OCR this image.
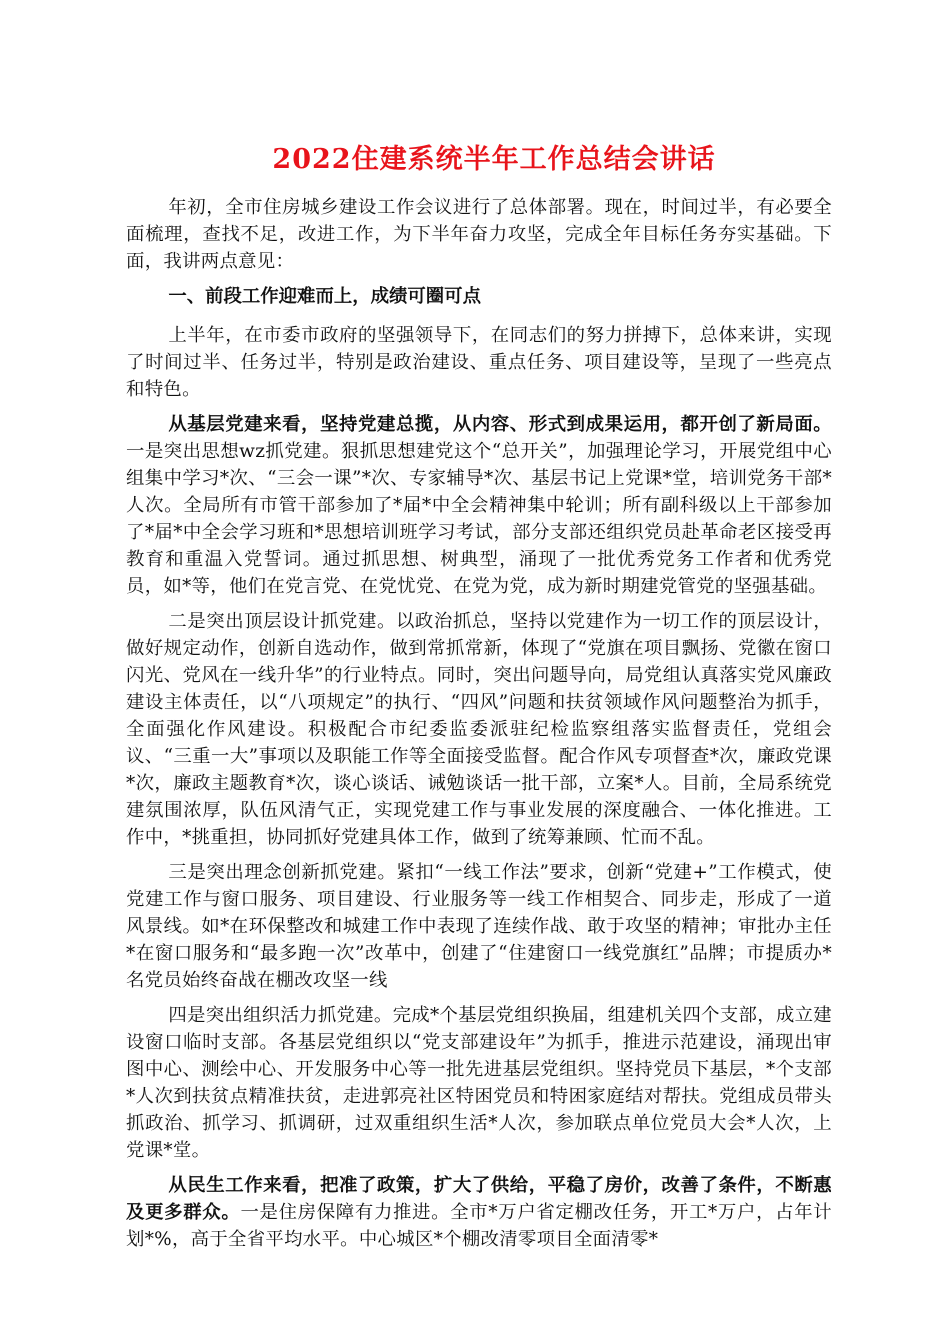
2022住建系统半年工作总结会讲话

年初，全市住房城乡建设工作会议进行了总体部署。现在，时间过半，有必要全面梳理，查找不足，改进工作，为下半年奋力攻坚，完成全年目标任务夯实基础。下面，我讲两点意见：

一、前段工作迎难而上，成绩可圈可点

上半年，在市委市政府的坚强领导下，在同志们的努力拼搏下，总体来讲，实现了时间过半、任务过半，特别是政治建设、重点任务、项目建设等，呈现了一些亮点和特色。

从基层党建来看，坚持党建总揽，从内容、形式到成果运用，都开创了新局面。一是突出思想wz抓党建。狠抓思想建党这个“总开关”，加强理论学习，开展党组中心组集中学习*次、“三会一课”*次、专家辅导*次、基层书记上党课*堂，培训党务干部*人次。全局所有市管干部参加了*届*中全会精神集中轮训；所有副科级以上干部参加了*届*中全会学习班和*思想培训班学习考试，部分支部还组织党员赴革命老区接受再教育和重温入党誓词。通过抓思想、树典型，涌现了一批优秀党务工作者和优秀党员，如*等，他们在党言党、在党忧党、在党为党，成为新时期建党管党的坚强基础。

二是突出顶层设计抓党建。以政治抓总，坚持以党建作为一切工作的顶层设计，做好规定动作，创新自选动作，做到常抓常新，体现了“党旗在项目飘扬、党徽在窗口闪光、党风在一线升华”的行业特点。同时，突出问题导向，局党组认真落实党风廉政建设主体责任，以“八项规定”的执行、“四风”问题和扶贫领域作风问题整治为抓手，全面强化作风建设。积极配合市纪委监委派驻纪检监察组落实监督责任，党组会议、“三重一大”事项以及职能工作等全面接受监督。配合作风专项督查*次，廉政党课*次，廉政主题教育*次，谈心谈话、诫勉谈话一批干部，立案*人。目前，全局系统党建氛围浓厚，队伍风清气正，实现党建工作与事业发展的深度融合、一体化推进。工作中，*挑重担，协同抓好党建具体工作，做到了统筹兼顾、忙而不乱。

三是突出理念创新抓党建。紧扣“一线工作法”要求，创新“党建+”工作模式，使党建工作与窗口服务、项目建设、行业服务等一线工作相契合、同步走，形成了一道风景线。如*在环保整改和城建工作中表现了连续作战、敢于攻坚的精神；审批办主任*在窗口服务和“最多跑一次”改革中，创建了“住建窗口一线党旗红”品牌；市提质办*名党员始终奋战在棚改攻坚一线

四是突出组织活力抓党建。完成*个基层党组织换届，组建机关四个支部，成立建设窗口临时支部。各基层党组织以“党支部建设年”为抓手，推进示范建设，涌现出审图中心、测绘中心、开发服务中心等一批先进基层党组织。坚持党员下基层，*个支部*人次到扶贫点精准扶贫，走进郭亮社区特困党员和特困家庭结对帮扶。党组成员带头抓政治、抓学习、抓调研，过双重组织生活*人次，参加联点单位党员大会*人次，上党课*堂。

从民生工作来看，把准了政策，扩大了供给，平稳了房价，改善了条件，不断惠及更多群众。一是住房保障有力推进。全市*万户省定棚改任务，开工*万户，占年计划*%，高于全省平均水平。中心城区*个棚改清零项目全面清零*
